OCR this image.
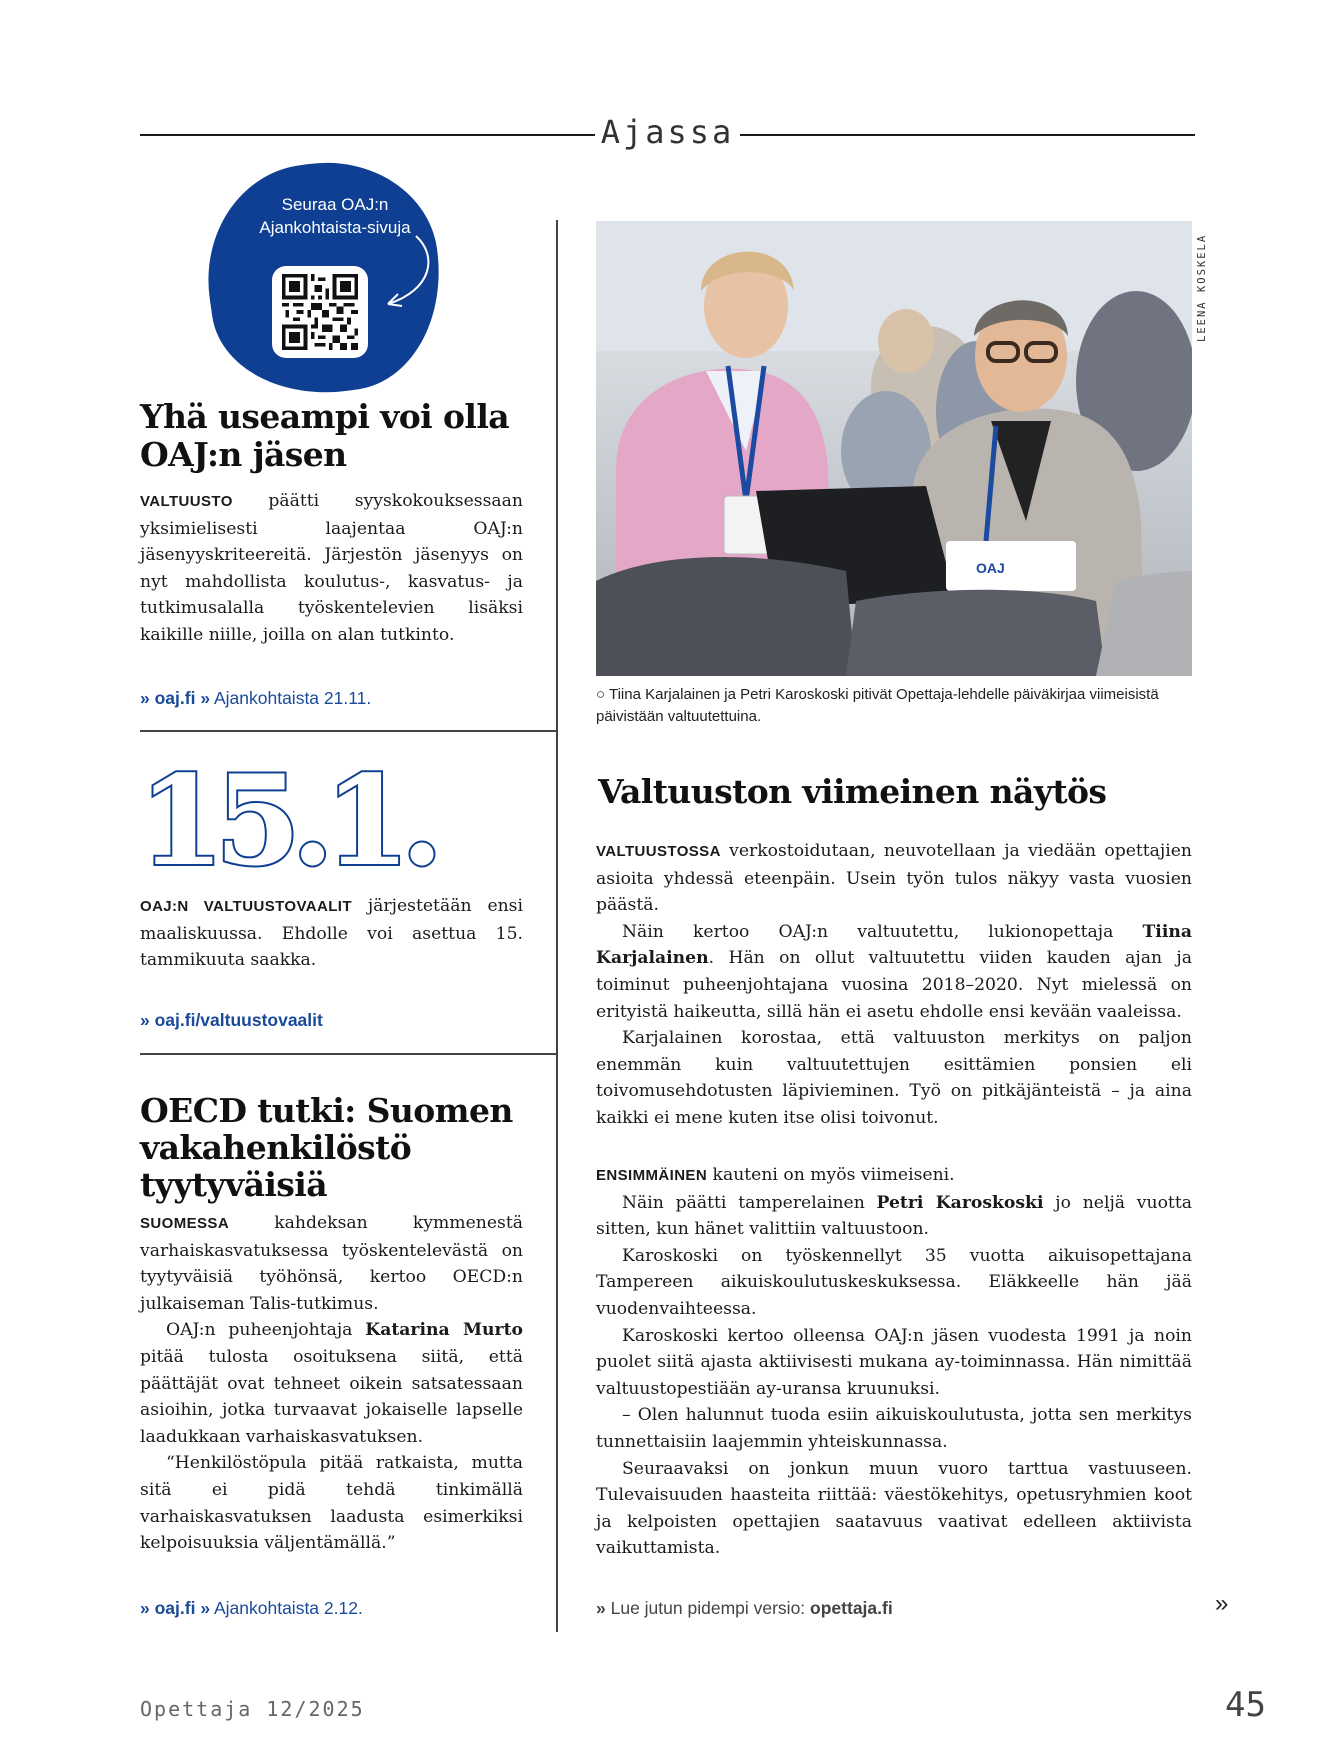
Ajassa
Seuraa OAJ:n
Ajankohtaista-sivuja
Yhä useampi voi olla OAJ:n jäsen

VALTUUSTO päätti syyskokouksessaan yksimielisesti laajentaa OAJ:n jäsenyyskriteereitä. Järjestön jäsenyys on nyt mahdollista koulutus-, kasvatus- ja tutkimusalalla työskentelevien lisäksi kaikille niille, joilla on alan tutkinto.

» oaj.fi » Ajankohtaista 21.11.
15.1.

OAJ:N VALTUUSTOVAALIT järjestetään ensi maaliskuussa. Ehdolle voi asettua 15. tammikuuta saakka.

» oaj.fi/valtuustovaalit
OECD tutki: Suomen vakahenkilöstö tyytyväisiä

SUOMESSA kahdeksan kymmenestä varhaiskasvatuksessa työskentelevästä on tyytyväisiä työhönsä, kertoo OECD:n julkaiseman Talis-tutkimus.

OAJ:n puheenjohtaja Katarina Murto pitää tulosta osoituksena siitä, että päättäjät ovat tehneet oikein satsatessaan asioihin, jotka turvaavat jokaiselle lapselle laadukkaan varhaiskasvatuksen.

“Henkilöstöpula pitää ratkaista, mutta sitä ei pidä tehdä tinkimällä varhaiskasvatuksen laadusta esimerkiksi kelpoisuuksia väljentämällä.”

» oaj.fi » Ajankohtaista 2.12.
OAJ
LEENA KOSKELA
○ Tiina Karjalainen ja Petri Karoskoski pitivät Opettaja-lehdelle päiväkirjaa viimeisistä päivistään valtuutettuina.
Valtuuston viimeinen näytös

VALTUUSTOSSA verkostoidutaan, neuvotellaan ja viedään opettajien asioita yhdessä eteenpäin. Usein työn tulos näkyy vasta vuosien päästä.

Näin kertoo OAJ:n valtuutettu, lukionopettaja Tiina Karjalainen. Hän on ollut valtuutettu viiden kauden ajan ja toiminut puheenjohtajana vuosina 2018–2020. Nyt mielessä on erityistä haikeutta, sillä hän ei asetu ehdolle ensi kevään vaaleissa.

Karjalainen korostaa, että valtuuston merkitys on paljon enemmän kuin valtuutettujen esittämien ponsien eli toivomusehdotusten läpivieminen. Työ on pitkäjänteistä – ja aina kaikki ei mene kuten itse olisi toivonut.

ENSIMMÄINEN kauteni on myös viimeiseni.

Näin päätti tamperelainen Petri Karoskoski jo neljä vuotta sitten, kun hänet valittiin valtuustoon.

Karoskoski on työskennellyt 35 vuotta aikuisopettajana Tampereen aikuiskoulutuskeskuksessa. Eläkkeelle hän jää vuodenvaihteessa.

Karoskoski kertoo olleensa OAJ:n jäsen vuodesta 1991 ja noin puolet siitä ajasta aktiivisesti mukana ay-toiminnassa. Hän nimittää valtuustopestiään ay-uransa kruunuksi.

– Olen halunnut tuoda esiin aikuiskoulutusta, jotta sen merkitys tunnettaisiin laajemmin yhteiskunnassa.

Seuraavaksi on jonkun muun vuoro tarttua vastuuseen. Tulevaisuuden haasteita riittää: väestökehitys, opetusryhmien koot ja kelpoisten opettajien saatavuus vaativat edelleen aktiivista vaikuttamista.

» Lue jutun pidempi versio: opettaja.fi	»
Opettaja 12/2025	45
